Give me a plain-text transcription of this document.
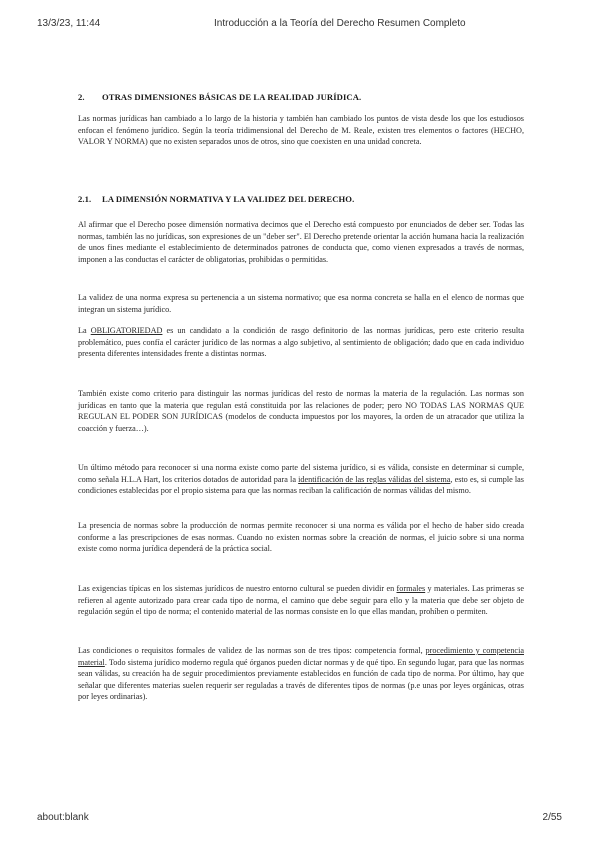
13/3/23, 11:44	Introducción a la Teoría del Derecho Resumen Completo
2. OTRAS DIMENSIONES BÁSICAS DE LA REALIDAD JURÍDICA.
Las normas jurídicas han cambiado a lo largo de la historia y también han cambiado los puntos de vista desde los que los estudiosos enfocan el fenómeno jurídico. Según la teoría tridimensional del Derecho de M. Reale, existen tres elementos o factores (HECHO, VALOR Y NORMA) que no existen separados unos de otros, sino que coexisten en una unidad concreta.
2.1. LA DIMENSIÓN NORMATIVA Y LA VALIDEZ DEL DERECHO.
Al afirmar que el Derecho posee dimensión normativa decimos que el Derecho está compuesto por enunciados de deber ser. Todas las normas, también las no jurídicas, son expresiones de un "deber ser". El Derecho pretende orientar la acción humana hacia la realización de unos fines mediante el establecimiento de determinados patrones de conducta que, como vienen expresados a través de normas, imponen a las conductas el carácter de obligatorias, prohibidas o permitidas.
La validez de una norma expresa su pertenencia a un sistema normativo; que esa norma concreta se halla en el elenco de normas que integran un sistema jurídico.
La OBLIGATORIEDAD es un candidato a la condición de rasgo definitorio de las normas jurídicas, pero este criterio resulta problemático, pues confía el carácter jurídico de las normas a algo subjetivo, al sentimiento de obligación; dado que en cada individuo presenta diferentes intensidades frente a distintas normas.
También existe como criterio para distinguir las normas jurídicas del resto de normas la materia de la regulación. Las normas son jurídicas en tanto que la materia que regulan está constituida por las relaciones de poder; pero NO TODAS LAS NORMAS QUE REGULAN EL PODER SON JURÍDICAS (modelos de conducta impuestos por los mayores, la orden de un atracador que utiliza la coacción y fuerza…).
Un último método para reconocer si una norma existe como parte del sistema jurídico, si es válida, consiste en determinar si cumple, como señala H.L.A Hart, los criterios dotados de autoridad para la identificación de las reglas válidas del sistema, esto es, si cumple las condiciones establecidas por el propio sistema para que las normas reciban la calificación de normas válidas del mismo.
La presencia de normas sobre la producción de normas permite reconocer si una norma es válida por el hecho de haber sido creada conforme a las prescripciones de esas normas. Cuando no existen normas sobre la creación de normas, el juicio sobre si una norma existe como norma jurídica dependerá de la práctica social.
Las exigencias típicas en los sistemas jurídicos de nuestro entorno cultural se pueden dividir en formales y materiales. Las primeras se refieren al agente autorizado para crear cada tipo de norma, el camino que debe seguir para ello y la materia que debe ser objeto de regulación según el tipo de norma; el contenido material de las normas consiste en lo que ellas mandan, prohíben o permiten.
Las condiciones o requisitos formales de validez de las normas son de tres tipos: competencia formal, procedimiento y competencia material. Todo sistema jurídico moderno regula qué órganos pueden dictar normas y de qué tipo. En segundo lugar, para que las normas sean válidas, su creación ha de seguir procedimientos previamente establecidos en función de cada tipo de norma. Por último, hay que señalar que diferentes materias suelen requerir ser reguladas a través de diferentes tipos de normas (p.e unas por leyes orgánicas, otras por leyes ordinarias).
about:blank	2/55
